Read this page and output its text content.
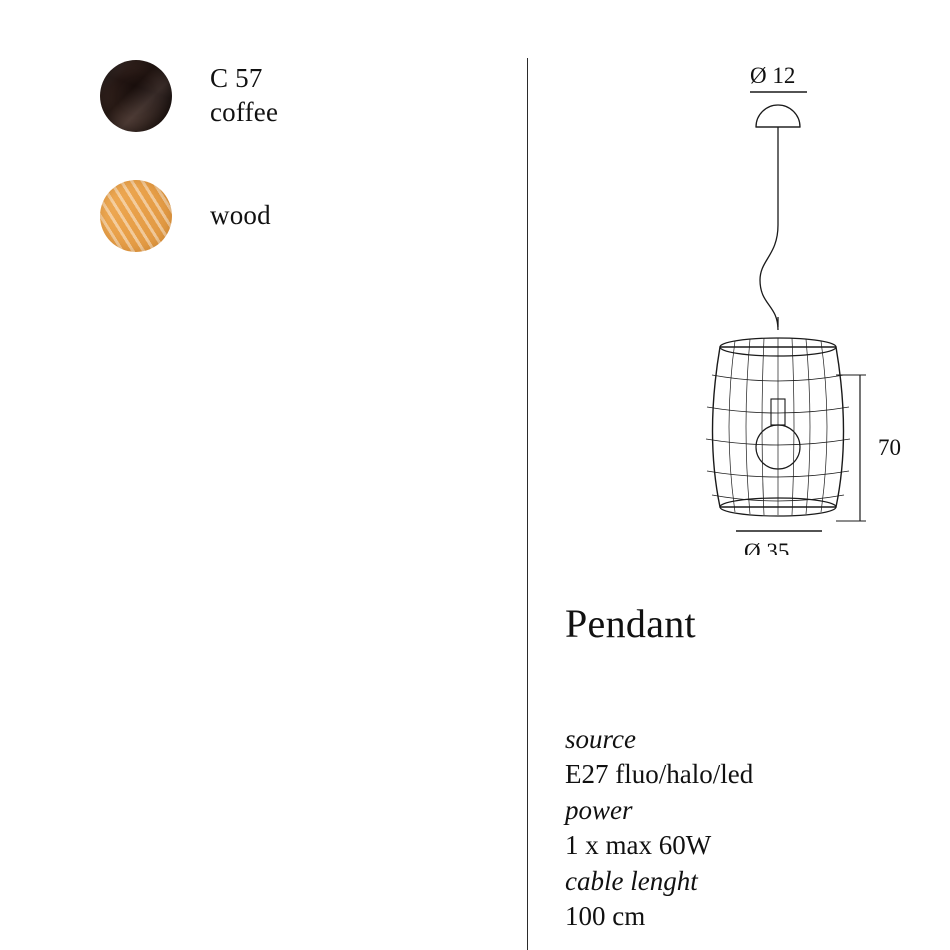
C 57
coffee
wood
Ø 12
70
Ø 35
Pendant
source
E27 fluo/halo/led
power
1 x max 60W
cable lenght
100 cm
